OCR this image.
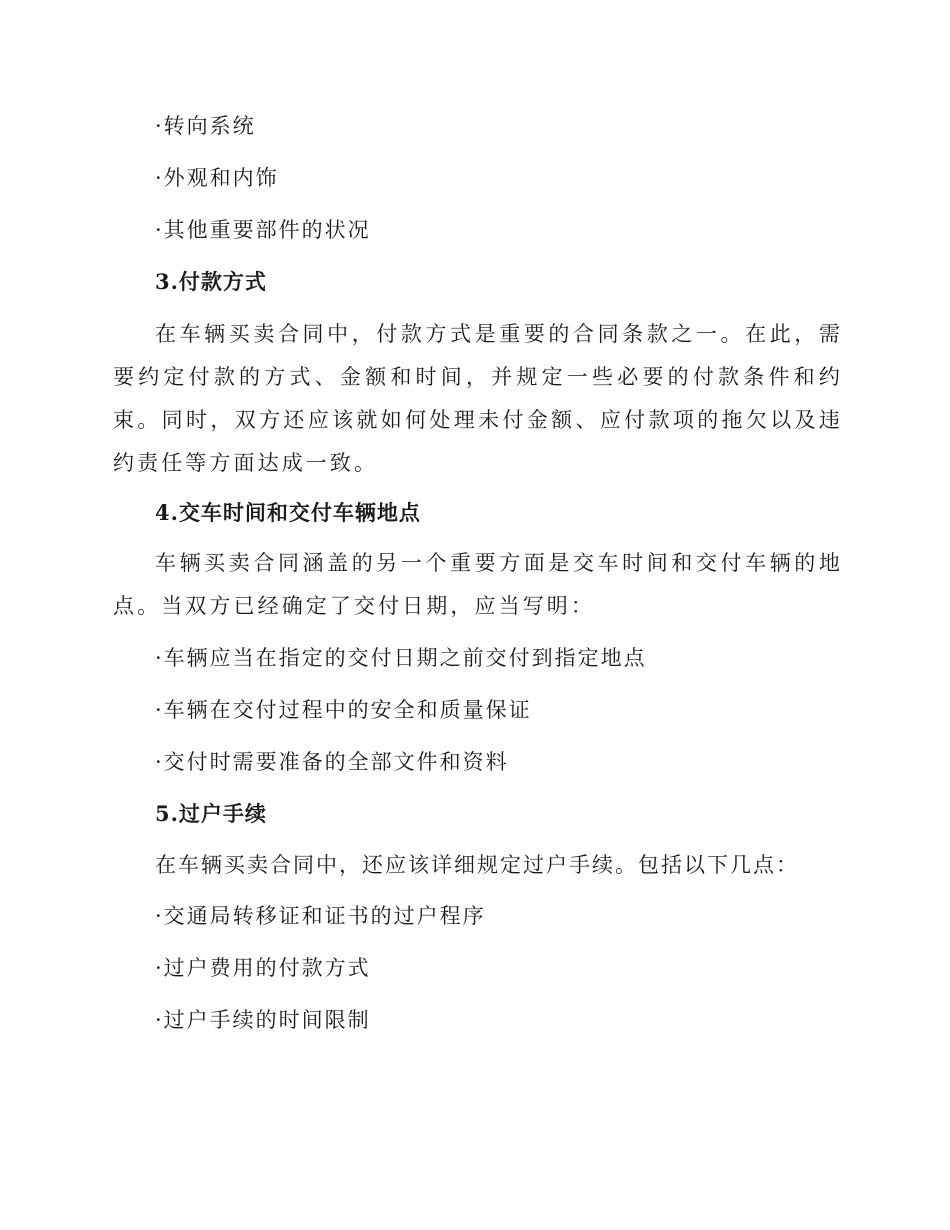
·转向系统
·外观和内饰
·其他重要部件的状况
3.付款方式
在车辆买卖合同中，付款方式是重要的合同条款之一。在此，需要约定付款的方式、金额和时间，并规定一些必要的付款条件和约束。同时，双方还应该就如何处理未付金额、应付款项的拖欠以及违约责任等方面达成一致。
4.交车时间和交付车辆地点
车辆买卖合同涵盖的另一个重要方面是交车时间和交付车辆的地点。当双方已经确定了交付日期，应当写明：
·车辆应当在指定的交付日期之前交付到指定地点
·车辆在交付过程中的安全和质量保证
·交付时需要准备的全部文件和资料
5.过户手续
在车辆买卖合同中，还应该详细规定过户手续。包括以下几点：
·交通局转移证和证书的过户程序
·过户费用的付款方式
·过户手续的时间限制
